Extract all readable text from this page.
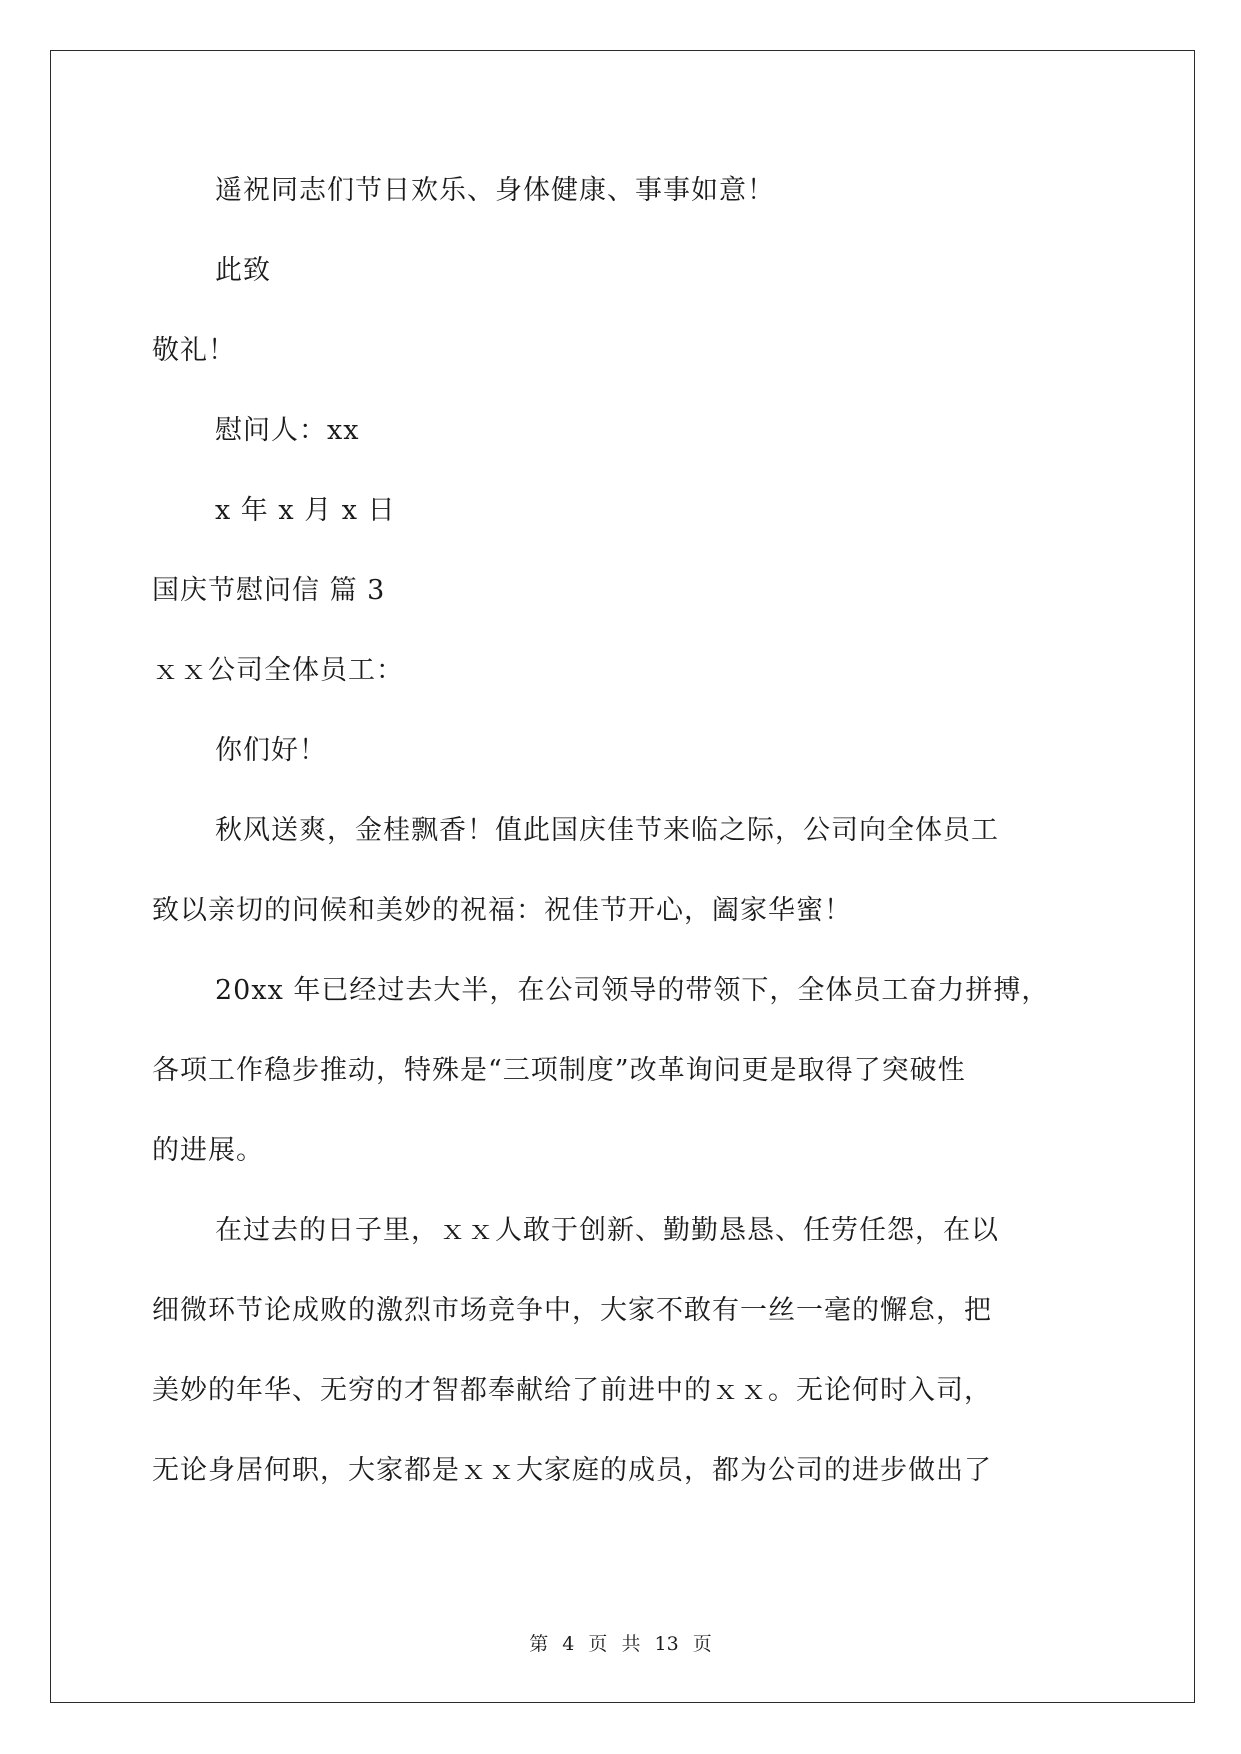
遥祝同志们节日欢乐、身体健康、事事如意！
此致
敬礼！
慰问人：xx
x 年 x 月 x 日
国庆节慰问信 篇 3
ｘｘ公司全体员工：
你们好！
秋风送爽，金桂飘香！值此国庆佳节来临之际，公司向全体员工
致以亲切的问候和美妙的祝福：祝佳节开心，阖家华蜜！
20xx 年已经过去大半，在公司领导的带领下，全体员工奋力拼搏，
各项工作稳步推动，特殊是“三项制度”改革询问更是取得了突破性
的进展。
在过去的日子里，ｘｘ人敢于创新、勤勤恳恳、任劳任怨，在以
细微环节论成败的激烈市场竞争中，大家不敢有一丝一毫的懈怠，把
美妙的年华、无穷的才智都奉献给了前进中的ｘｘ。无论何时入司，
无论身居何职，大家都是ｘｘ大家庭的成员，都为公司的进步做出了
第 4 页 共 13 页
